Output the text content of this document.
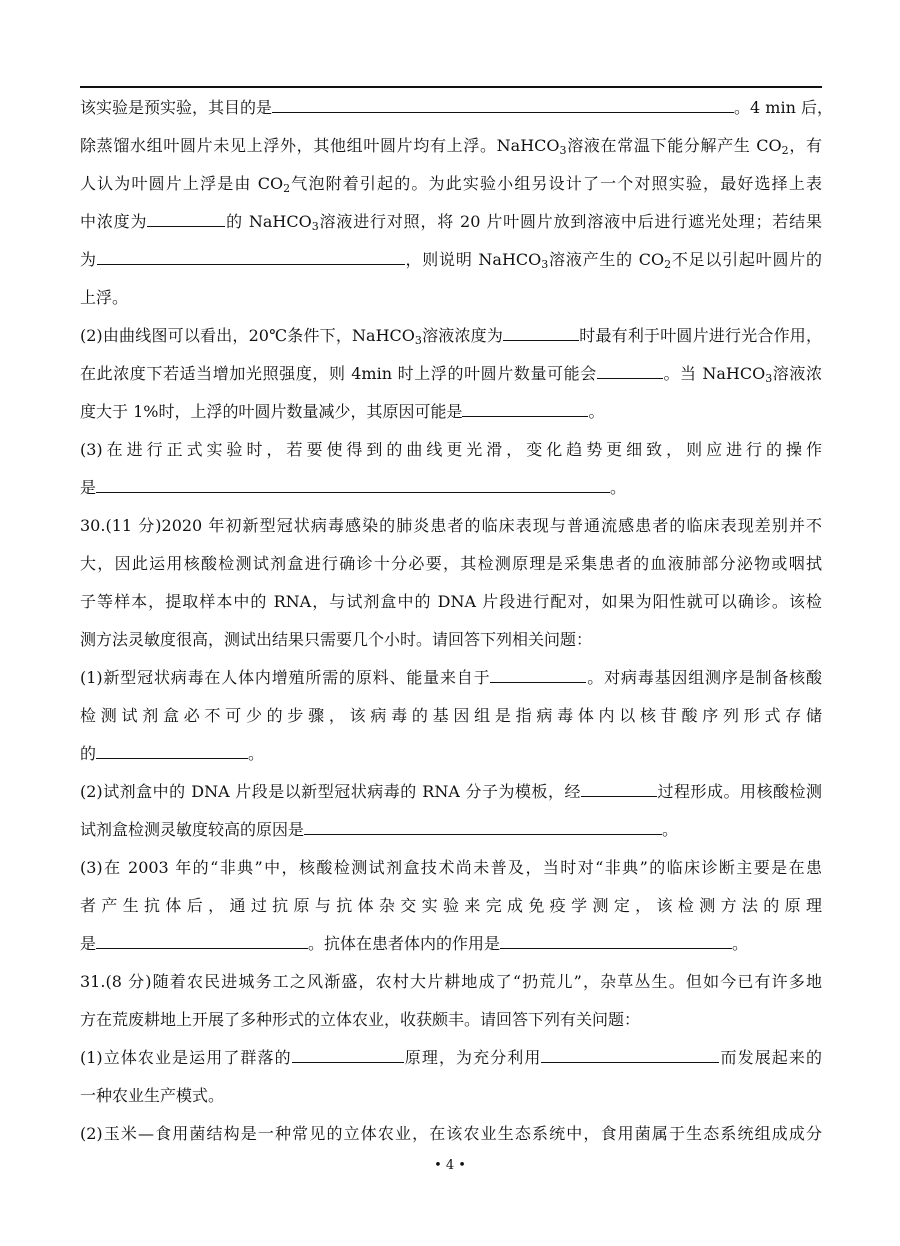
该实验是预实验，其目的是	。4 min 后，
除蒸馏水组叶圆片未见上浮外，其他组叶圆片均有上浮。NaHCO$_3$溶液在常温下能分解产生 $CO_2$，有
人认为叶圆片上浮是由 $CO_2$气泡附着引起的。为此实验小组另设计了一个对照实验，最好选择上表
中浓度为	的 NaHCO$_3$溶液进行对照，将 20 片叶圆片放到溶液中后进行遮光处理；若结果
为	，则说明 NaHCO$_3$溶液产生的 $CO_2$不足以引起叶圆片的
上浮。
(2)由曲线图可以看出，20℃条件下，NaHCO$_3$溶液浓度为	时最有利于叶圆片进行光合作用，
在此浓度下若适当增加光照强度，则 4min 时上浮的叶圆片数量可能会	。当 NaHCO$_3$溶液浓
度大于 1%时，上浮的叶圆片数量减少，其原因可能是	。
(3)在进行正式实验时，若要使得到的曲线更光滑，变化趋势更细致，则应进行的操作
是	。
30.(11 分)2020 年初新型冠状病毒感染的肺炎患者的临床表现与普通流感患者的临床表现差别并不
大，因此运用核酸检测试剂盒进行确诊十分必要，其检测原理是采集患者的血液肺部分泌物或咽拭
子等样本，提取样本中的 RNA，与试剂盒中的 DNA 片段进行配对，如果为阳性就可以确诊。该检
测方法灵敏度很高，测试出结果只需要几个小时。请回答下列相关问题：
(1)新型冠状病毒在人体内增殖所需的原料、能量来自于	。对病毒基因组测序是制备核酸
检测试剂盒必不可少的步骤，该病毒的基因组是指病毒体内以核苷酸序列形式存储
的	。
(2)试剂盒中的 DNA 片段是以新型冠状病毒的 RNA 分子为模板，经	过程形成。用核酸检测
试剂盒检测灵敏度较高的原因是	。
(3)在 2003 年的“非典”中，核酸检测试剂盒技术尚未普及，当时对“非典”的临床诊断主要是在患
者产生抗体后，通过抗原与抗体杂交实验来完成免疫学测定，该检测方法的原理
是	。抗体在患者体内的作用是	。
31.(8 分)随着农民进城务工之风渐盛，农村大片耕地成了“扔荒儿”，杂草丛生。但如今已有许多地
方在荒废耕地上开展了多种形式的立体农业，收获颇丰。请回答下列有关问题：
(1)立体农业是运用了群落的	原理，为充分利用	而发展起来的
一种农业生产模式。
(2)玉米—食用菌结构是一种常见的立体农业，在该农业生态系统中，食用菌属于生态系统组成成分
• 4 •
